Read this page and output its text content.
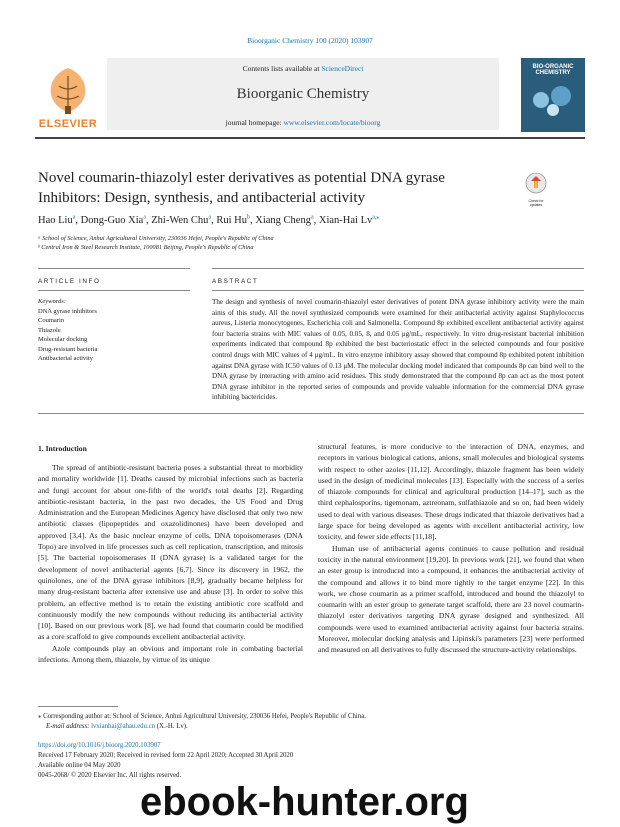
Bioorganic Chemistry 100 (2020) 103907
ELSEVIER
Contents lists available at ScienceDirect
Bioorganic Chemistry
journal homepage: www.elsevier.com/locate/bioorg
BIO-ORGANIC CHEMISTRY
Novel coumarin-thiazolyl ester derivatives as potential DNA gyrase Inhibitors: Design, synthesis, and antibacterial activity	Check for updates
Hao Liu$^a$, Dong-Guo Xia$^a$, Zhi-Wen Chu$^a$, Rui Hu$^b$, Xiang Cheng$^a$, Xian-Hai $Lv^{a,⁎}$
ᵃ School of Science, Anhui Agricultural University, 230036 Hefei, People's Republic of China
ᵇ Central Iron & Steel Research Institute, 100081 Beijing, People's Republic of China
ARTICLE INFO	ABSTRACT
Keywords:
DNA gyrase inhibitors
Coumarin
Thiazole
Molecular docking
Drug-resistant bacteria
Antibacterial activity
The design and synthesis of novel coumarin-thiazolyl ester derivatives of potent DNA gyrase inhibitory activity were the main aims of this study. All the novel synthesized compounds were examined for their antibacterial activity against Staphylococcus aureus, Listeria monocytogenes, Escherichia coli and Salmonella. Compound 8p exhibited excellent antibacterial activity against four bacteria strains with MIC values of 0.05, 0.05, 8, and 0.05 μg/mL, respectively. In vitro drug-resistant bacterial inhibition experiments indicated that compound 8p exhibited the best bacteriostatic effect in the selected compounds and four positive control drugs with MIC values of 4 μg/mL. In vitro enzyme inhibitory assay showed that compound 8p exhibited potent inhibition against DNA gyrase with IC50 values of 0.13 μM. The molecular docking model indicated that compounds 8p can bind well to the DNA gyrase by interacting with amino acid residues. This study demonstrated that the compound 8p can act as the most potent DNA gyrase inhibitor in the reported series of compounds and provide valuable information for the commercial DNA gyrase inhibiting bactericides.
1. Introduction

The spread of antibiotic-resistant bacteria poses a substantial threat to morbidity and mortality worldwide [1]. Deaths caused by microbial infections such as bacteria and fungi account for about one-fifth of the world's total deaths [2]. Regarding antibiotic-resistant bacteria, in the past two decades, the US Food and Drug Administration and the European Medicines Agency have disclosed that only two new antibiotic classes (lipopeptides and oxazolidinones) have been developed and approved [3,4]. As the basic nuclear enzyme of cells, DNA topoisomerases (DNA Topo) are involved in life processes such as cell replication, transcription, and mitosis [5]. The bacterial topoisomerases II (DNA gyrase) is a validated target for the development of novel antibacterial agents [6,7]. Since its discovery in 1962, the quinolones, one of the DNA gyrase inhibitors [8,9], gradually became helpless for many drug-resistant bacteria after extensive use and abuse [3]. In order to solve this problem, an effective method is to retain the existing antibiotic core scaffold and continuously modify the new compounds without reducing its antibacterial activity [10]. Based on our previous work [8], we had found that coumarin could be modified as a core scaffold to give compounds excellent antibacterial activity.

Azole compounds play an obvious and important role in combating bacterial infections. Among them, thiazole, by virtue of its unique

structural features, is more conducive to the interaction of DNA, enzymes, and receptors in various biological cations, anions, small molecules and biological systems with respect to other azoles [11,12]. Accordingly, thiazole fragment has been widely used in the design of medicinal molecules [13]. Especially with the success of a series of thiazole compounds for clinical and agricultural production [14–17], such as the third cephalosporins, tigemonam, aztreonam, sulfathiazole and so on, had been widely used to deal with various diseases. These drugs indicated that thiazole derivatives had a large space for being developed as agents with excellent antibacterial activity, low toxicity, and fewer side effects [11,18].

Human use of antibacterial agents continues to cause pollution and residual toxicity in the natural environment [19,20]. In previous work [21], we found that when an ester group is introduced into a compound, it enhances the antibacterial activity of the compound and allows it to bind more tightly to the target enzyme [22]. In this work, we chose coumarin as a primer scaffold, introduced and bound the thiazolyl to coumarin with an ester group to generate target scaffold, there are 23 novel coumarin-thiazolyl ester derivatives targeting DNA gyrase designed and synthesized. All compounds were used to examined antibacterial activity against four bacteria strains. Moreover, molecular docking analysis and Lipinski's parameters [23] were performed and measured on all derivatives to fully discussed the structure-activity relationships.

⁎ Corresponding author at: School of Science, Anhui Agricultural University, 230036 Hefei, People's Republic of China.
E-mail address: lvxianhai@ahau.edu.cn (X.-H. Lv).
https://doi.org/10.1016/j.bioorg.2020.103907
Received 17 February 2020; Received in revised form 22 April 2020; Accepted 30 April 2020
Available online 04 May 2020
0045-2068/ © 2020 Elsevier Inc. All rights reserved.
ebook-hunter.org
